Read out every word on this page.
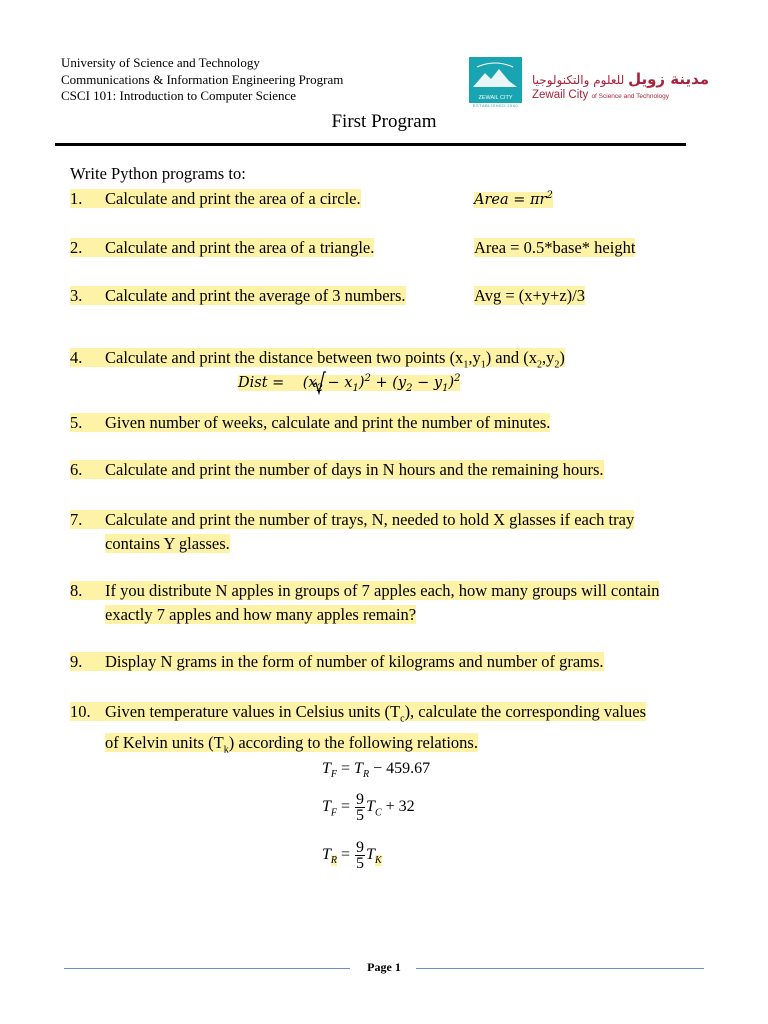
University of Science and Technology
Communications & Information Engineering Program
CSCI 101: Introduction to Computer Science	ZEWAIL CITY
ESTABLISHED 2000
مدينة زويل للعلوم والتكنولوجيا
Zewail City of Science and Technology
First Program
Write Python programs to:
1. Calculate and print the area of a circle.	Area = $\pi r^2$
2. Calculate and print the area of a triangle.	Area = 0.5*base* height
3. Calculate and print the average of 3 numbers.	Avg = (x+y+z)/3
4. Calculate and print the distance between two points $(x_1,y_1)$ and $(x_2,y_2)$
Dist =    $(x_2 - x_1)^2 + (y_2 - y_1)^2$
5. Given number of weeks, calculate and print the number of minutes.
6. Calculate and print the number of days in N hours and the remaining hours.
7. Calculate and print the number of trays, N, needed to hold X glasses if each tray
contains Y glasses.
8. If you distribute N apples in groups of 7 apples each, how many groups will contain
exactly 7 apples and how many apples remain?
9. Display N grams in the form of number of kilograms and number of grams.
10. Given temperature values in Celsius units $(T_c)$, calculate the corresponding values
of Kelvin units $(T_k)$ according to the following relations.
$T_F = T_R - 459.67$
$T_F = \frac{9}{5} T_C + 32$
$T_R = \frac{9}{5} T_K$
Page 1
